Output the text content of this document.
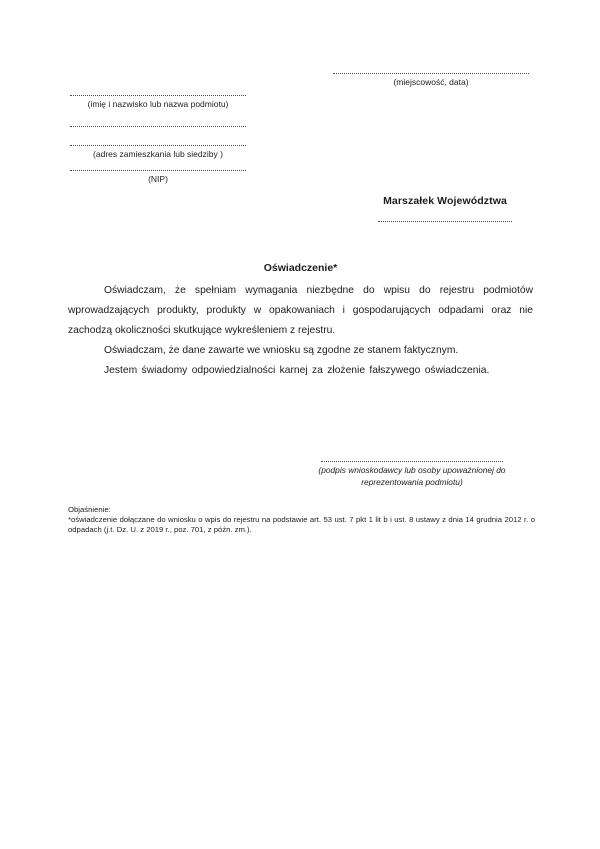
(miejscowość, data)
(imię i nazwisko lub nazwa podmiotu)
(adres zamieszkania lub siedziby )
(NIP)
Marszałek Województwa
Oświadczenie*

Oświadczam, że spełniam wymagania niezbędne do wpisu do rejestru podmiotów wprowadzających produkty, produkty w opakowaniach i gospodarujących odpadami oraz nie zachodzą okoliczności skutkujące wykreśleniem z rejestru.

Oświadczam, że dane zawarte we wniosku są zgodne ze stanem faktycznym.

Jestem świadomy odpowiedzialności karnej za złożenie fałszywego oświadczenia.

(podpis wnioskodawcy lub osoby upoważnionej do reprezentowania podmiotu)
Objaśnienie:

*oświadczenie dołączane do wniosku o wpis do rejestru na podstawie art. 53 ust. 7 pkt 1 lit b i ust. 8 ustawy z dnia 14 grudnia 2012 r. o odpadach (j.t. Dz. U. z 2019 r., poz. 701, z późn. zm.).
